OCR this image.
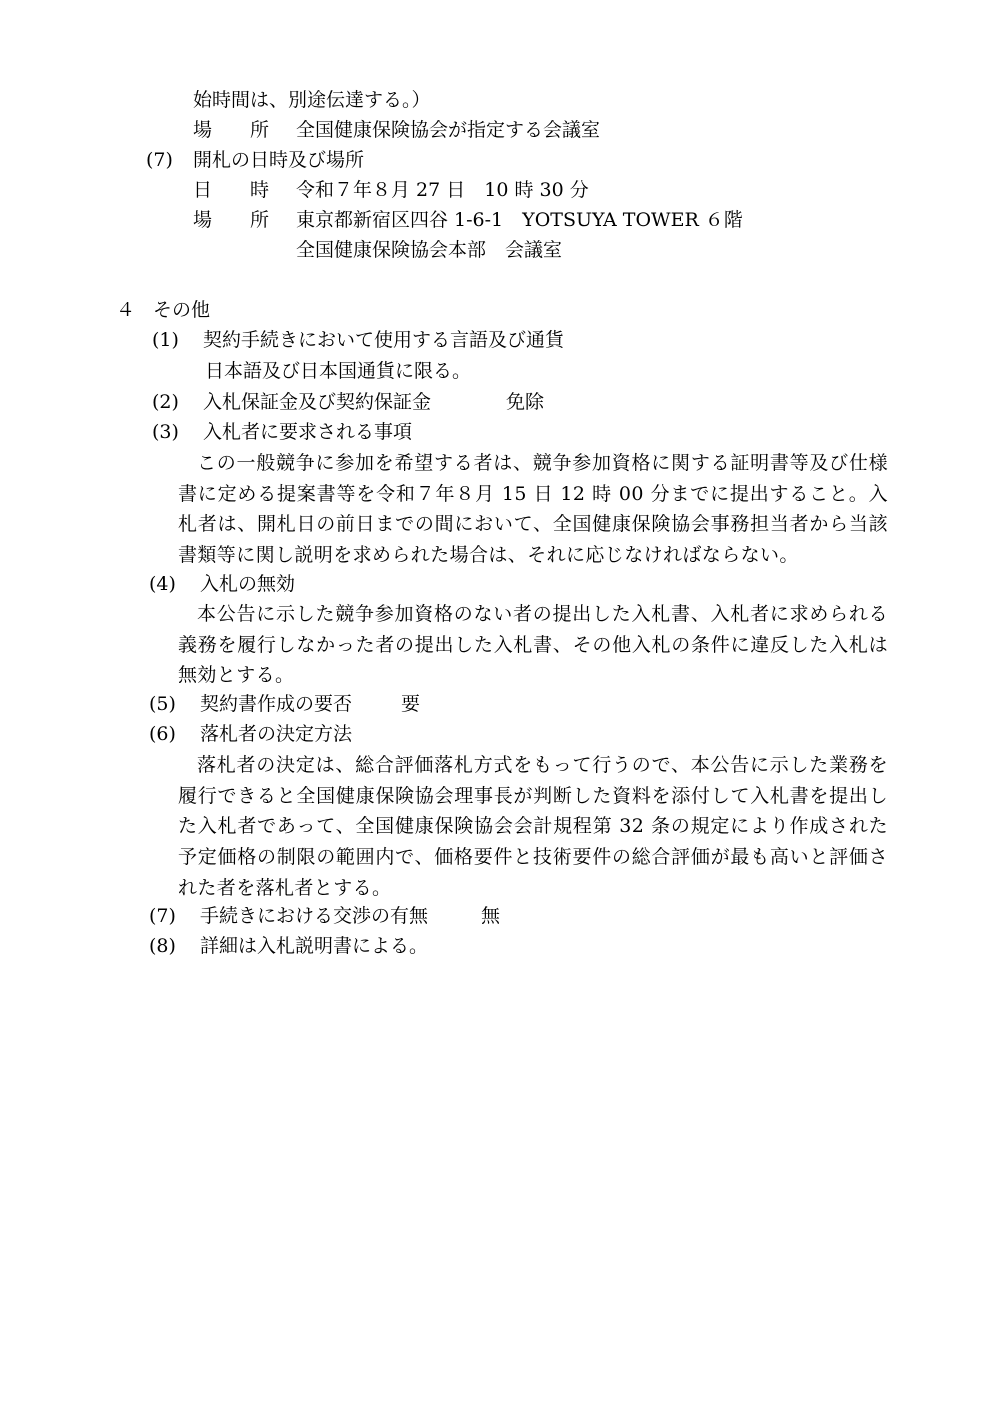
始時間は、別途伝達する。）
場　　所 全国健康保険協会が指定する会議室
(7) 開札の日時及び場所
日　　時 令和７年８月 27 日　10 時 30 分
場　　所 東京都新宿区四谷 1-6-1　YOTSUYA TOWER ６階
全国健康保険協会本部　会議室
４ その他
(1) 契約手続きにおいて使用する言語及び通貨
日本語及び日本国通貨に限る。
(2) 入札保証金及び契約保証金	免除
(3) 入札者に要求される事項
この一般競争に参加を希望する者は、競争参加資格に関する証明書等及び仕様書に定める提案書等を令和７年８月 15 日 12 時 00 分までに提出すること。入札者は、開札日の前日までの間において、全国健康保険協会事務担当者から当該書類等に関し説明を求められた場合は、それに応じなければならない。
(4) 入札の無効
本公告に示した競争参加資格のない者の提出した入札書、入札者に求められる義務を履行しなかった者の提出した入札書、その他入札の条件に違反した入札は無効とする。
(5) 契約書作成の要否	要
(6) 落札者の決定方法
落札者の決定は、総合評価落札方式をもって行うので、本公告に示した業務を履行できると全国健康保険協会理事長が判断した資料を添付して入札書を提出した入札者であって、全国健康保険協会会計規程第 32 条の規定により作成された予定価格の制限の範囲内で、価格要件と技術要件の総合評価が最も高いと評価された者を落札者とする。
(7) 手続きにおける交渉の有無	無
(8) 詳細は入札説明書による。
